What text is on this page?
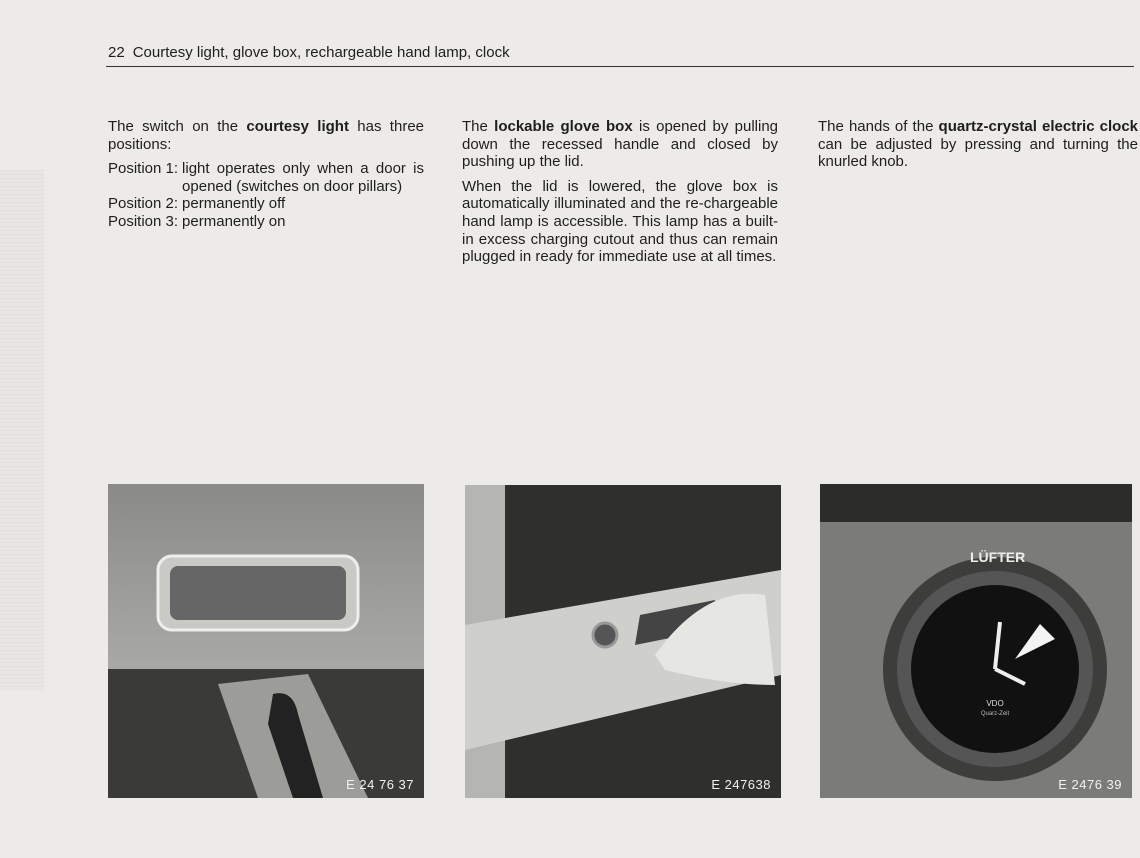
22 Courtesy light, glove box, rechargeable hand lamp, clock

The switch on the courtesy light has three positions:

Position 1: light operates only when a door is opened (switches on door pillars)
Position 2: permanently off
Position 3: permanently on

The lockable glove box is opened by pulling down the recessed handle and closed by pushing up the lid.

When the lid is lowered, the glove box is automatically illuminated and the re-chargeable hand lamp is accessible. This lamp has a built-in excess charging cutout and thus can remain plugged in ready for immediate use at all times.

The hands of the quartz-crystal electric clock can be adjusted by pressing and turning the knurled knob.

E 24 76 37	E 247638
VDO
Quarz-Zeit
LÜFTER
E 2476 39
